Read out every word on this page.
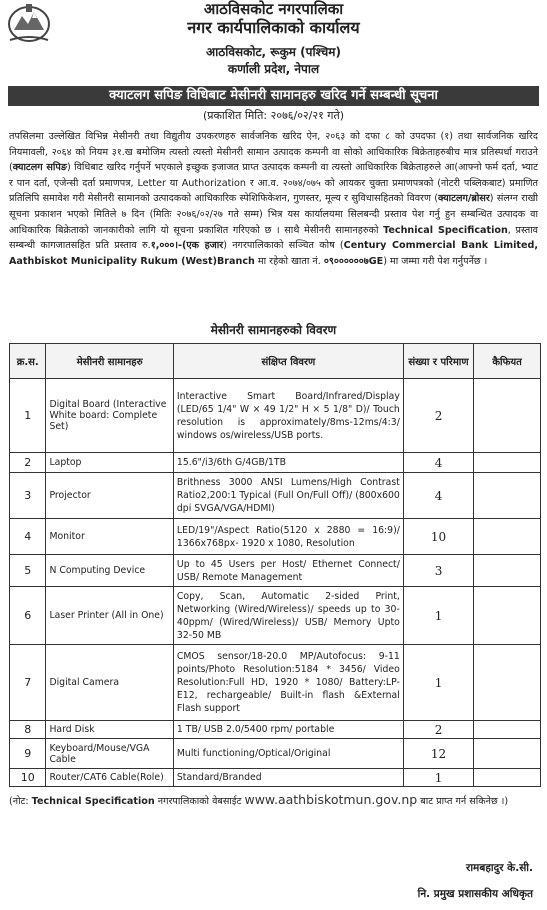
आठविसकोट नगरपालिका
नगर कार्यपालिकाको कार्यालय
आठविसकोट, रूकुम (पश्चिम)
कर्णाली प्रदेश, नेपाल
क्याटलग सपिङ विधिबाट मेसीनरी सामानहरु खरिद गर्ने सम्बन्धी सूचना
(प्रकाशित मिति: २०७६/०२/२१ गते)
तपसिलमा उल्लेखित विभिन्न मेसीनरी तथा विद्युतीय उपकरणहरु सार्वजनिक खरिद ऐन, २०६३ को दफा ८ को उपदफा (१) तथा सार्वजनिक खरिद नियमावली, २०६४ को नियम ३१.ख बमोजिम त्यस्तो त्यस्तो मेसीनरी सामान उत्पादक कम्पनी वा सोको आधिकारिक बिक्रेताहरुबीच मात्र प्रतिस्पर्धा गराउने (क्याटलग सपिङ) विधिबाट खरिद गर्नुपर्ने भएकाले इच्छुक इजाजत प्राप्त उत्पादक कम्पनी वा त्यस्तो आधिकारिक बिक्रेताहरुले आ(आफ्नो फर्म दर्ता, भ्याट र पान दर्ता, एजेन्सी दर्ता प्रमाणपत्र, Letter या Authorization र आ.व. २०७४/०७५ को आयकर चुक्ता प्रमाणपत्रको (नोटरी पब्लिकबाट) प्रमाणित प्रतिलिपि समावेश गरी मेसीनरी सामानको उत्पादकको आधिकारिक स्पेशिफिकेशन, गुणस्तर, मूल्य र सुविधासहितको विवरण (क्याटलग/ब्रोसर) संलग्न राखी सूचना प्रकाशन भएको मितिले ७ दिन (मितिः २०७६/०२/२७ गते सम्म) भित्र यस कार्यालयमा सिलबन्दी प्रस्ताव पेश गर्नु हुन सम्बन्धित उत्पादक वा आधिकारिक बिक्रेताको जानकारीको लागि यो सूचना प्रकाशित गरिएको छ । साथै मेसीनरी सामानहरुको Technical Specification, प्रस्ताव सम्बन्धी कागजातसहित प्रति प्रस्ताव रु.१,०००।-(एक हजार) नगरपालिकाको सञ्चित कोष (Century Commercial Bank Limited, Aathbiskot Municipality Rukum (West)Branch मा रहेको खाता नं. ०९००००००७GE) मा जम्मा गरी पेश गर्नुपर्नेछ ।
मेसीनरी सामानहरुको विवरण
क्र.स.	मेसीनरी सामानहरु	संक्षिप्त विवरण	संख्या र परिमाण	कैफियत
1	Digital Board (Interactive White board: Complete Set)	Interactive Smart Board/Infrared/Display (LED/65 1/4" W × 49 1/2" H × 5 1/8" D)/ Touch resolution is approximately/8ms-12ms/4:3/ windows os/wireless/USB ports.	2	
2	Laptop	15.6"/i3/6th G/4GB/1TB	4	
3	Projector	Brithness 3000 ANSI Lumens/High Contrast Ratio2,200:1 Typical (Full On/Full Off)/ (800x600 dpi SVGA/VGA/HDMI)	4	
4	Monitor	LED/19"/Aspect Ratio(5120 x 2880 = 16:9)/ 1366x768px- 1920 x 1080, Resolution	10	
5	N Computing Device	Up to 45 Users per Host/ Ethernet Connect/ USB/ Remote Management	3	
6	Laser Printer (All in One)	Copy, Scan, Automatic 2-sided Print, Networking (Wired/Wireless)/ speeds up to 30-40ppm/ (Wired/Wireless)/ USB/ Memory Upto 32-50 MB	1	
7	Digital Camera	CMOS sensor/18-20.0 MP/Autofocus: 9-11 points/Photo Resolution:5184 * 3456/ Video Resolution:Full HD, 1920 * 1080/ Battery:LP-E12, rechargeable/ Built-in flash &External Flash support	1	
8	Hard Disk	1 TB/ USB 2.0/5400 rpm/ portable	2	
9	Keyboard/Mouse/VGA Cable	Multi functioning/Optical/Original	12	
10	Router/CAT6 Cable(Role)	Standard/Branded	1	
(नोट: Technical Specification नगरपालिकाको वेबसाईट www.aathbiskotmun.gov.np बाट प्राप्त गर्न सकिनेछ ।)
रामबहादुर के.सी.
नि. प्रमुख प्रशासकीय अधिकृत
